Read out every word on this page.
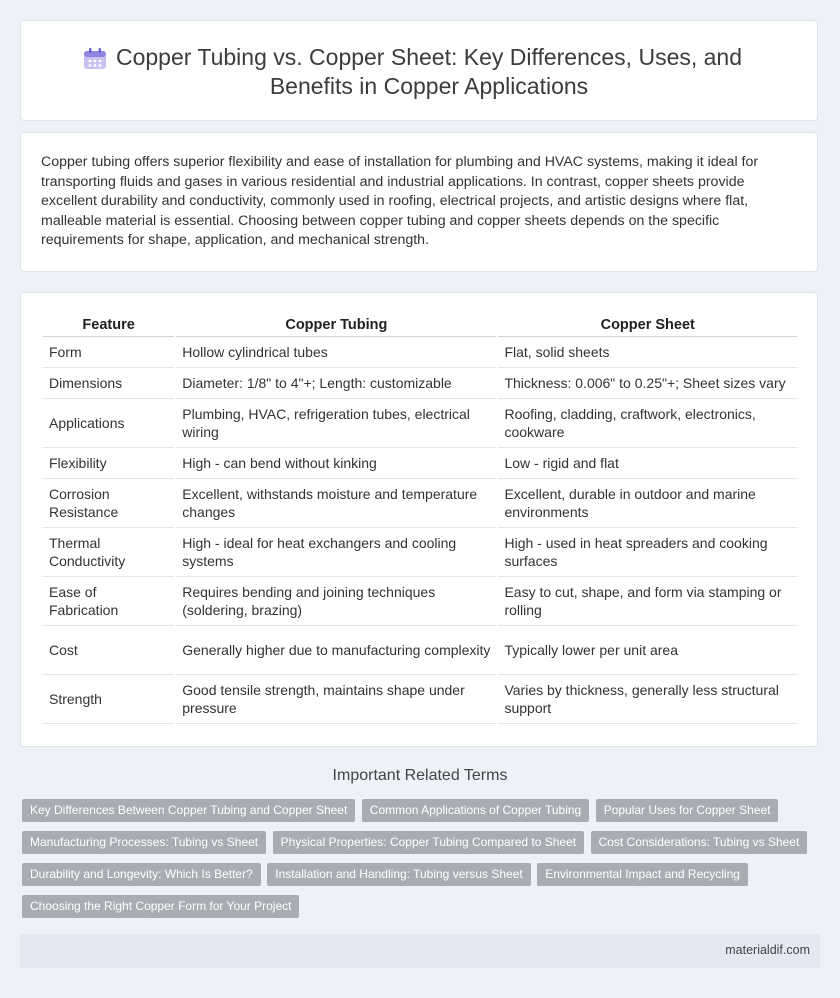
Copper Tubing vs. Copper Sheet: Key Differences, Uses, and Benefits in Copper Applications

Copper tubing offers superior flexibility and ease of installation for plumbing and HVAC systems, making it ideal for transporting fluids and gases in various residential and industrial applications. In contrast, copper sheets provide excellent durability and conductivity, commonly used in roofing, electrical projects, and artistic designs where flat, malleable material is essential. Choosing between copper tubing and copper sheets depends on the specific requirements for shape, application, and mechanical strength.

Feature	Copper Tubing	Copper Sheet
Form	Hollow cylindrical tubes	Flat, solid sheets
Dimensions	Diameter: 1/8" to 4"+; Length: customizable	Thickness: 0.006" to 0.25"+; Sheet sizes vary
Applications	Plumbing, HVAC, refrigeration tubes, electrical wiring	Roofing, cladding, craftwork, electronics, cookware
Flexibility	High - can bend without kinking	Low - rigid and flat
Corrosion Resistance	Excellent, withstands moisture and temperature changes	Excellent, durable in outdoor and marine environments
Thermal Conductivity	High - ideal for heat exchangers and cooling systems	High - used in heat spreaders and cooking surfaces
Ease of Fabrication	Requires bending and joining techniques (soldering, brazing)	Easy to cut, shape, and form via stamping or rolling
Cost	Generally higher due to manufacturing complexity	Typically lower per unit area
Strength	Good tensile strength, maintains shape under pressure	Varies by thickness, generally less structural support
Important Related Terms
Key Differences Between Copper Tubing and Copper Sheet Common Applications of Copper Tubing Popular Uses for Copper Sheet Manufacturing Processes: Tubing vs Sheet Physical Properties: Copper Tubing Compared to Sheet Cost Considerations: Tubing vs Sheet Durability and Longevity: Which Is Better? Installation and Handling: Tubing versus Sheet Environmental Impact and Recycling Choosing the Right Copper Form for Your Project
materialdif.com
